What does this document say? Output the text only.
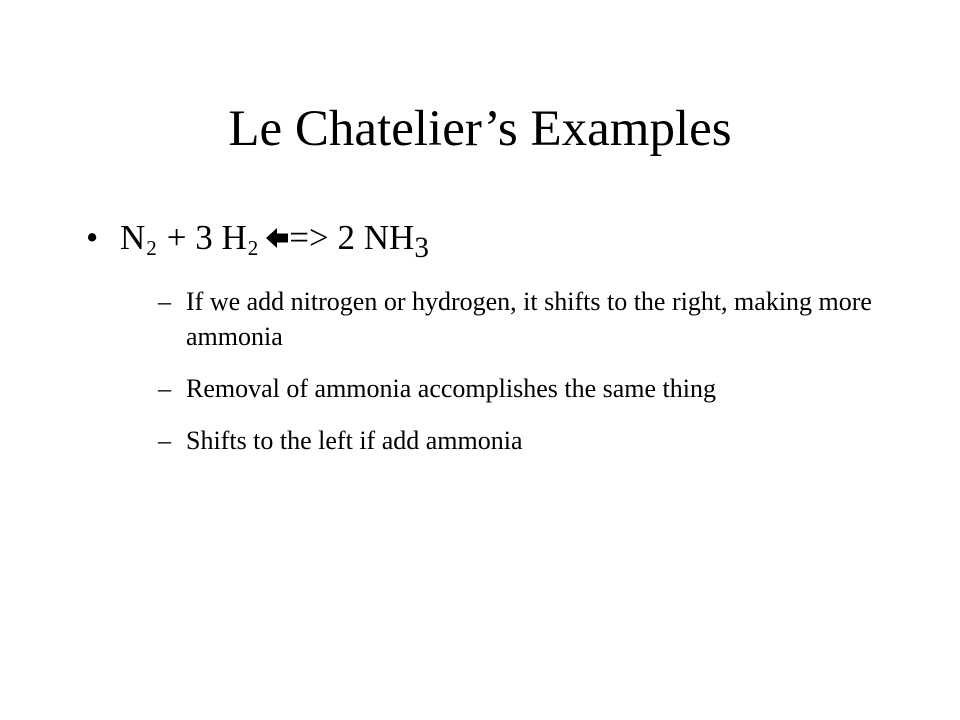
Le Chatelier’s Examples
• $N_2 + 3$ $H_2 => 2$ $NH_3$
– If we add nitrogen or hydrogen, it shifts to the right, making more ammonia
– Removal of ammonia accomplishes the same thing
– Shifts to the left if add ammonia
